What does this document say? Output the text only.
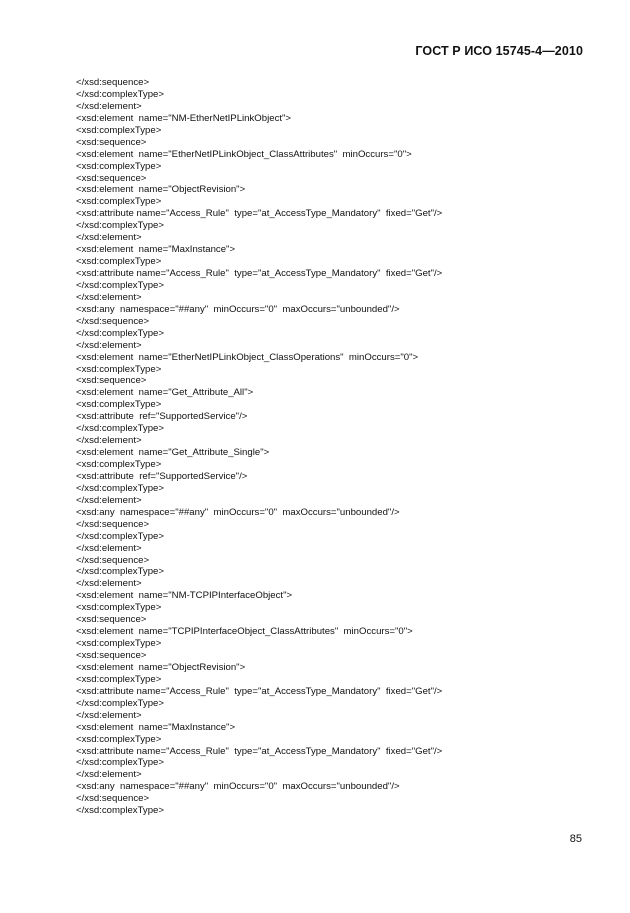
ГОСТ Р ИСО 15745-4—2010
</xsd:sequence>
</xsd:complexType>
</xsd:element>
<xsd:element  name="NM-EtherNetIPLinkObject">
<xsd:complexType>
<xsd:sequence>
<xsd:element  name="EtherNetIPLinkObject_ClassAttributes"  minOccurs="0">
<xsd:complexType>
<xsd:sequence>
<xsd:element  name="ObjectRevision">
<xsd:complexType>
<xsd:attribute name="Access_Rule"  type="at_AccessType_Mandatory"  fixed="Get"/>
</xsd:complexType>
</xsd:element>
<xsd:element  name="MaxInstance">
<xsd:complexType>
<xsd:attribute name="Access_Rule"  type="at_AccessType_Mandatory"  fixed="Get"/>
</xsd:complexType>
</xsd:element>
<xsd:any  namespace="##any"  minOccurs="0"  maxOccurs="unbounded"/>
</xsd:sequence>
</xsd:complexType>
</xsd:element>
<xsd:element  name="EtherNetIPLinkObject_ClassOperations"  minOccurs="0">
<xsd:complexType>
<xsd:sequence>
<xsd:element  name="Get_Attribute_All">
<xsd:complexType>
<xsd:attribute  ref="SupportedService"/>
</xsd:complexType>
</xsd:element>
<xsd:element  name="Get_Attribute_Single">
<xsd:complexType>
<xsd:attribute  ref="SupportedService"/>
</xsd:complexType>
</xsd:element>
<xsd:any  namespace="##any"  minOccurs="0"  maxOccurs="unbounded"/>
</xsd:sequence>
</xsd:complexType>
</xsd:element>
</xsd:sequence>
</xsd:complexType>
</xsd:element>
<xsd:element  name="NM-TCPIPInterfaceObject">
<xsd:complexType>
<xsd:sequence>
<xsd:element  name="TCPIPInterfaceObject_ClassAttributes"  minOccurs="0">
<xsd:complexType>
<xsd:sequence>
<xsd:element  name="ObjectRevision">
<xsd:complexType>
<xsd:attribute name="Access_Rule"  type="at_AccessType_Mandatory"  fixed="Get"/>
</xsd:complexType>
</xsd:element>
<xsd:element  name="MaxInstance">
<xsd:complexType>
<xsd:attribute name="Access_Rule"  type="at_AccessType_Mandatory"  fixed="Get"/>
</xsd:complexType>
</xsd:element>
<xsd:any  namespace="##any"  minOccurs="0"  maxOccurs="unbounded"/>
</xsd:sequence>
</xsd:complexType>
85
